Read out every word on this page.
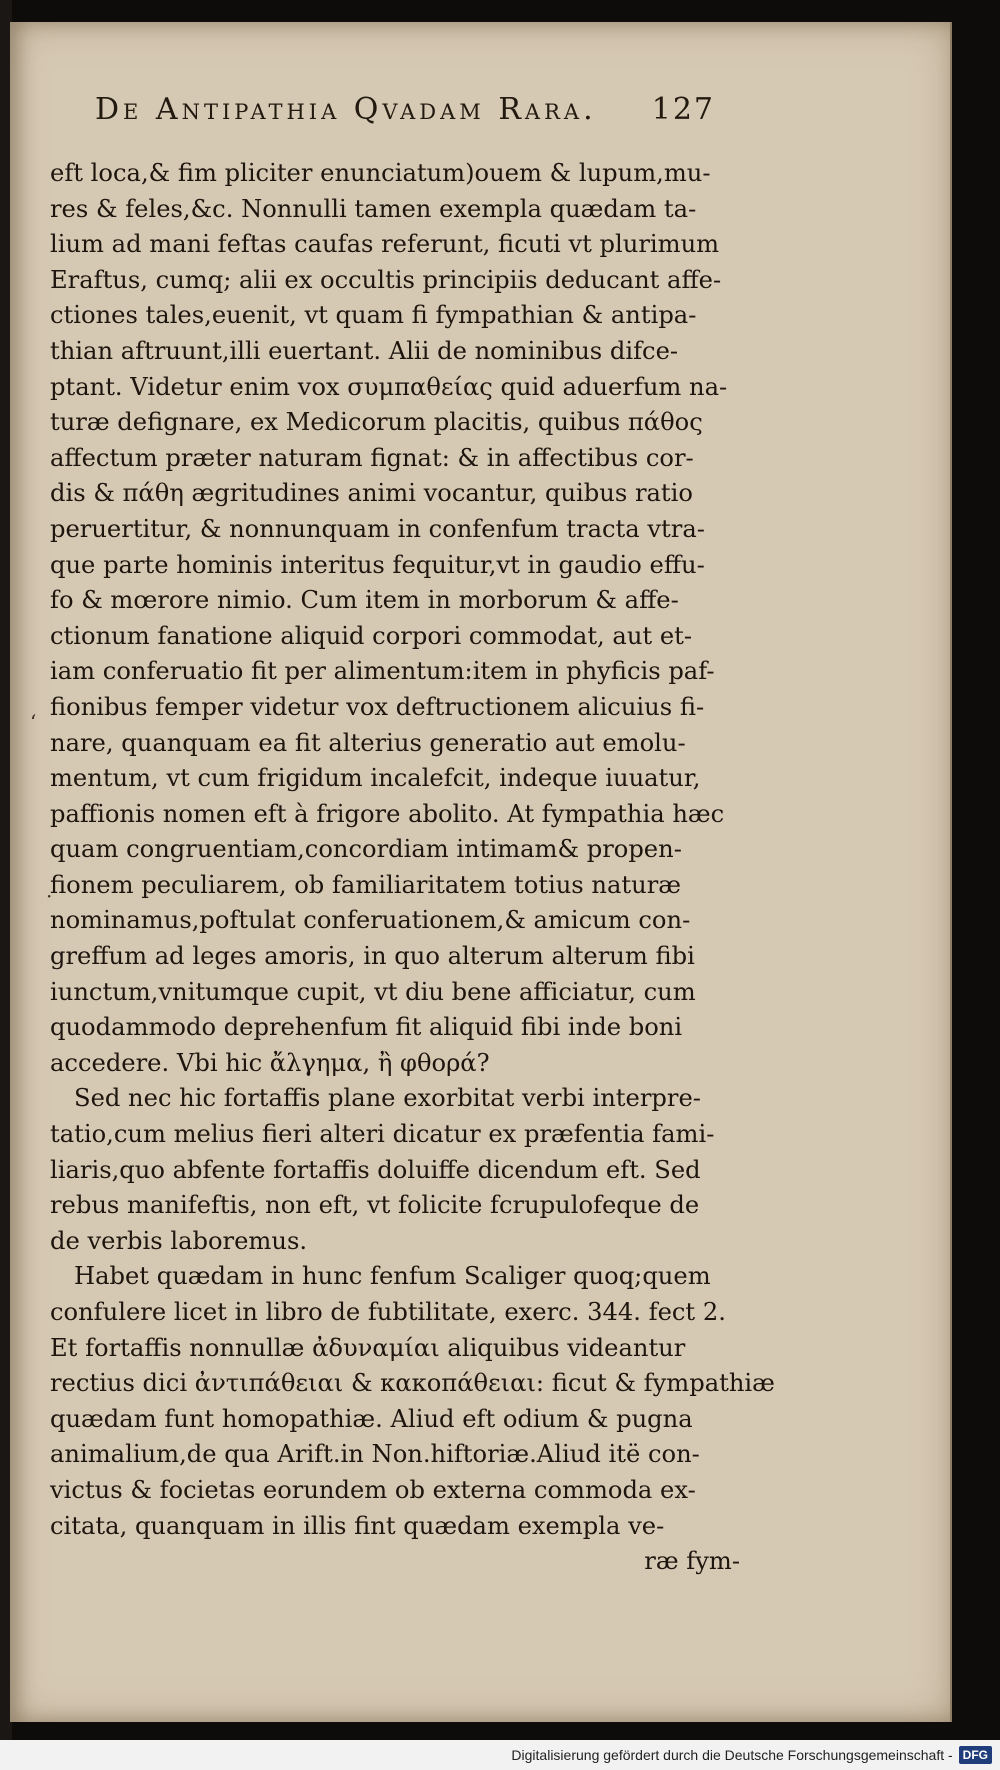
De Antipathia Qvadam Rara. 127
‘
·
eft loca,& fim pliciter enunciatum)ouem & lupum,mu-
res & feles,&c. Nonnulli tamen exempla quædam ta-
lium ad mani feftas caufas referunt, ficuti vt plurimum
Eraftus, cumq; alii ex occultis principiis deducant affe-
ctiones tales,euenit, vt quam fi fympathian & antipa-
thian aftruunt,illi euertant. Alii de nominibus difce-
ptant. Videtur enim vox συμπαθείας quid aduerfum na-
turæ defignare, ex Medicorum placitis, quibus πάθος
affectum præter naturam fignat: & in affectibus cor-
dis & πάθη ægritudines animi vocantur, quibus ratio
peruertitur, & nonnunquam in confenfum tracta vtra-
que parte hominis interitus fequitur,vt in gaudio effu-
fo & mœrore nimio. Cum item in morborum & affe-
ctionum fanatione aliquid corpori commodat, aut et-
iam conferuatio fit per alimentum:item in phyficis paf-
fionibus femper videtur vox deftructionem alicuius fi-
nare, quanquam ea fit alterius generatio aut emolu-
mentum, vt cum frigidum incalefcit, indeque iuuatur,
paffionis nomen eft à frigore abolito. At fympathia hæc
quam congruentiam,concordiam intimam& propen-
fionem peculiarem, ob familiaritatem totius naturæ
nominamus,poftulat conferuationem,& amicum con-
greffum ad leges amoris, in quo alterum alterum fibi
iunctum,vnitumque cupit, vt diu bene afficiatur, cum
quodammodo deprehenfum fit aliquid fibi inde boni
accedere. Vbi hic ἄλγημα, ἢ φθορά?
Sed nec hic fortaffis plane exorbitat verbi interpre-
tatio,cum melius fieri alteri dicatur ex præfentia fami-
liaris,quo abfente fortaffis doluiffe dicendum eft. Sed
rebus manifeftis, non eft, vt folicite fcrupulofeque de
de verbis laboremus.
Habet quædam in hunc fenfum Scaliger quoq;quem
confulere licet in libro de fubtilitate, exerc. 344. fect 2.
Et fortaffis nonnullæ ἀδυναμίαι aliquibus videantur
rectius dici ἀντιπάθειαι & κακοπάθειαι: ficut & fympathiæ
quædam funt homopathiæ. Aliud eft odium & pugna
animalium,de qua Arift.in Non.hiftoriæ.Aliud itë con-
victus & focietas eorundem ob externa commoda ex-
citata, quanquam in illis fint quædam exempla ve-
ræ fym-
Digitalisierung gefördert durch die Deutsche Forschungsgemeinschaft - DFG
